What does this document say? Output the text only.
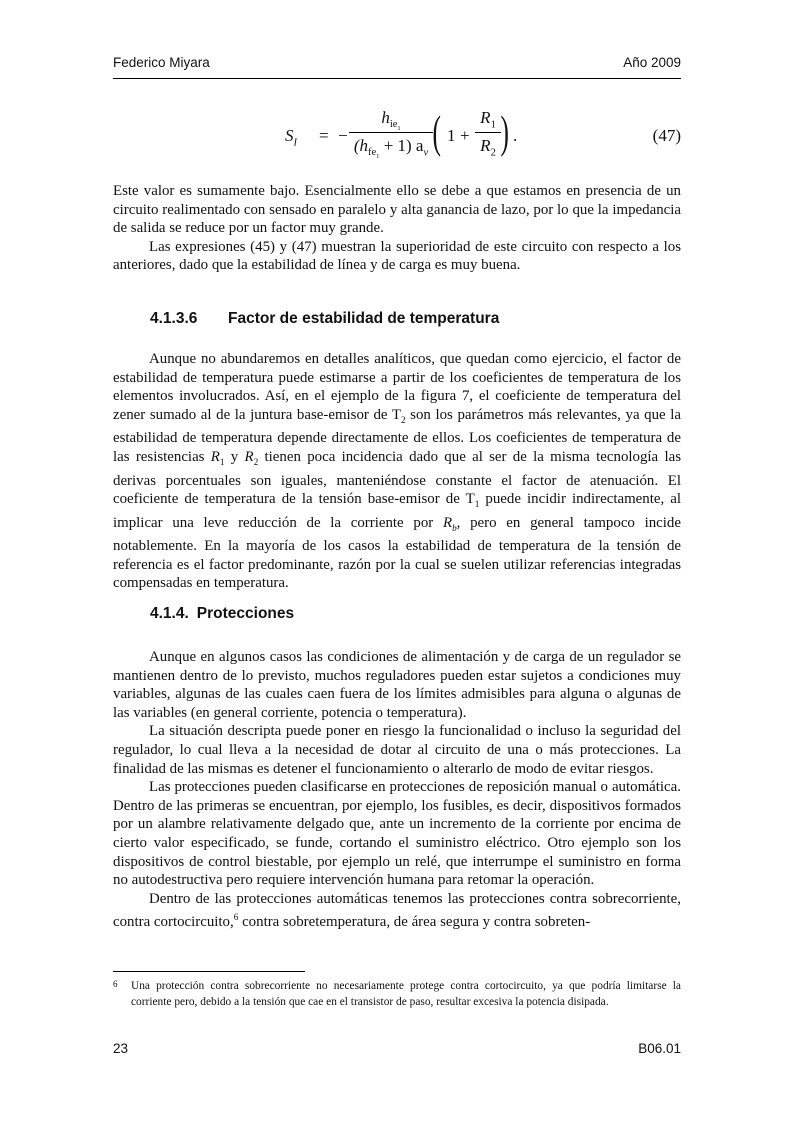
Federico Miyara	Año 2009
$S_I$ = −
$h_{ie_1}$
$(h_{fe_1} + 1)$ $a_v$ ( 1 +
$R_1$
$R_2$ ) .	(47)

Este valor es sumamente bajo. Esencialmente ello se debe a que estamos en presencia de un circuito realimentado con sensado en paralelo y alta ganancia de lazo, por lo que la impedancia de salida se reduce por un factor muy grande.

Las expresiones (45) y (47) muestran la superioridad de este circuito con respecto a los anteriores, dado que la estabilidad de línea y de carga es muy buena.

4.1.3.6 Factor de estabilidad de temperatura

Aunque no abundaremos en detalles analíticos, que quedan como ejercicio, el factor de estabilidad de temperatura puede estimarse a partir de los coeficientes de temperatura de los elementos involucrados. Así, en el ejemplo de la figura 7, el coeficiente de temperatura del zener sumado al de la juntura base-emisor de $T_2$ son los parámetros más relevantes, ya que la estabilidad de temperatura depende directamente de ellos. Los coeficientes de temperatura de las resistencias $R_1$ y $R_2$ tienen poca incidencia dado que al ser de la misma tecnología las derivas porcentuales son iguales, manteniéndose constante el factor de atenuación. El coeficiente de temperatura de la tensión base-emisor de $T_1$ puede incidir indirectamente, al implicar una leve reducción de la corriente por $R_b$, pero en general tampoco incide notablemente. En la mayoría de los casos la estabilidad de temperatura de la tensión de referencia es el factor predominante, razón por la cual se suelen utilizar referencias integradas compensadas en temperatura.

4.1.4. Protecciones

Aunque en algunos casos las condiciones de alimentación y de carga de un regulador se mantienen dentro de lo previsto, muchos reguladores pueden estar sujetos a condiciones muy variables, algunas de las cuales caen fuera de los límites admisibles para alguna o algunas de las variables (en general corriente, potencia o temperatura).

La situación descripta puede poner en riesgo la funcionalidad o incluso la seguridad del regulador, lo cual lleva a la necesidad de dotar al circuito de una o más protecciones. La finalidad de las mismas es detener el funcionamiento o alterarlo de modo de evitar riesgos.

Las protecciones pueden clasificarse en protecciones de reposición manual o automática. Dentro de las primeras se encuentran, por ejemplo, los fusibles, es decir, dispositivos formados por un alambre relativamente delgado que, ante un incremento de la corriente por encima de cierto valor especificado, se funde, cortando el suministro eléctrico. Otro ejemplo son los dispositivos de control biestable, por ejemplo un relé, que interrumpe el suministro en forma no autodestructiva pero requiere intervención humana para retomar la operación.

Dentro de las protecciones automáticas tenemos las protecciones contra sobrecorriente, contra cortocircuito,$^6$ contra sobretemperatura, de área segura y contra sobreten-

6 Una protección contra sobrecorriente no necesariamente protege contra cortocircuito, ya que podría limitarse la corriente pero, debido a la tensión que cae en el transistor de paso, resultar excesiva la potencia disipada.
23	B06.01
